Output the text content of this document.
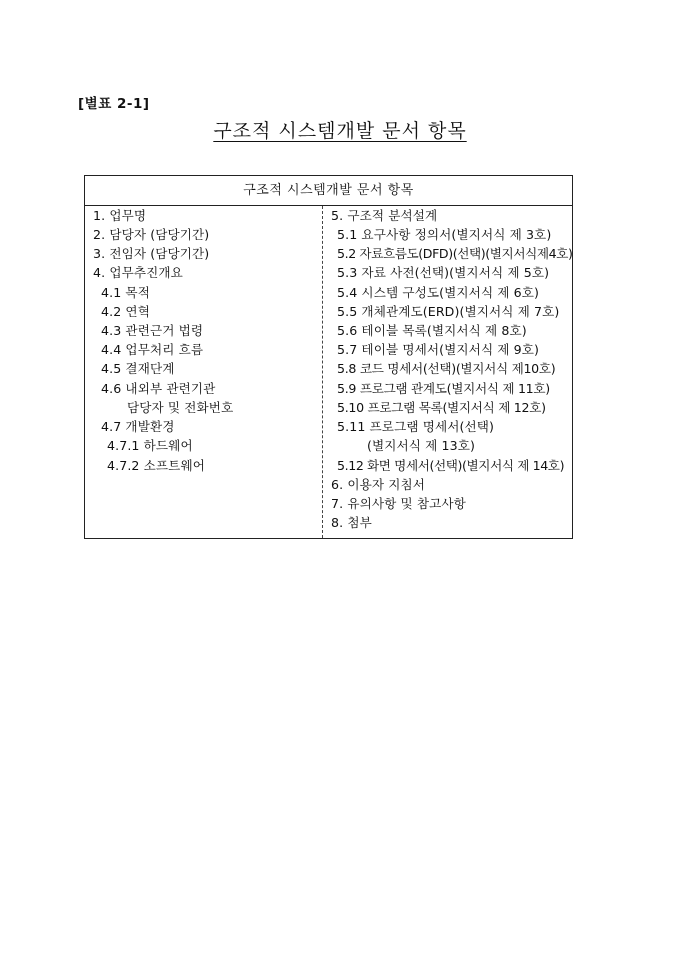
[별표 2-1]
구조적 시스템개발 문서 항목
구조적 시스템개발 문서 항목
1. 업무명
2. 담당자 (담당기간)
3. 전임자 (담당기간)
4. 업무추진개요
4.1 목적
4.2 연혁
4.3 관련근거 법령
4.4 업무처리 흐름
4.5 결재단계
4.6 내외부 관련기관
담당자 및 전화번호
4.7 개발환경
4.7.1 하드웨어
4.7.2 소프트웨어
5. 구조적 분석설계
5.1 요구사항 정의서(별지서식 제 3호)
5.2 자료흐름도(DFD)(선택)(별지서식제4호)
5.3 자료 사전(선택)(별지서식 제 5호)
5.4 시스템 구성도(별지서식 제 6호)
5.5 개체관계도(ERD)(별지서식 제 7호)
5.6 테이블 목록(별지서식 제 8호)
5.7 테이블 명세서(별지서식 제 9호)
5.8 코드 명세서(선택)(별지서식 제10호)
5.9 프로그램 관계도(별지서식 제 11호)
5.10 프로그램 목록(별지서식 제 12호)
5.11 프로그램 명세서(선택)
(별지서식 제 13호)
5.12 화면 명세서(선택)(별지서식 제 14호)
6. 이용자 지침서
7. 유의사항 및 참고사항
8. 첨부
